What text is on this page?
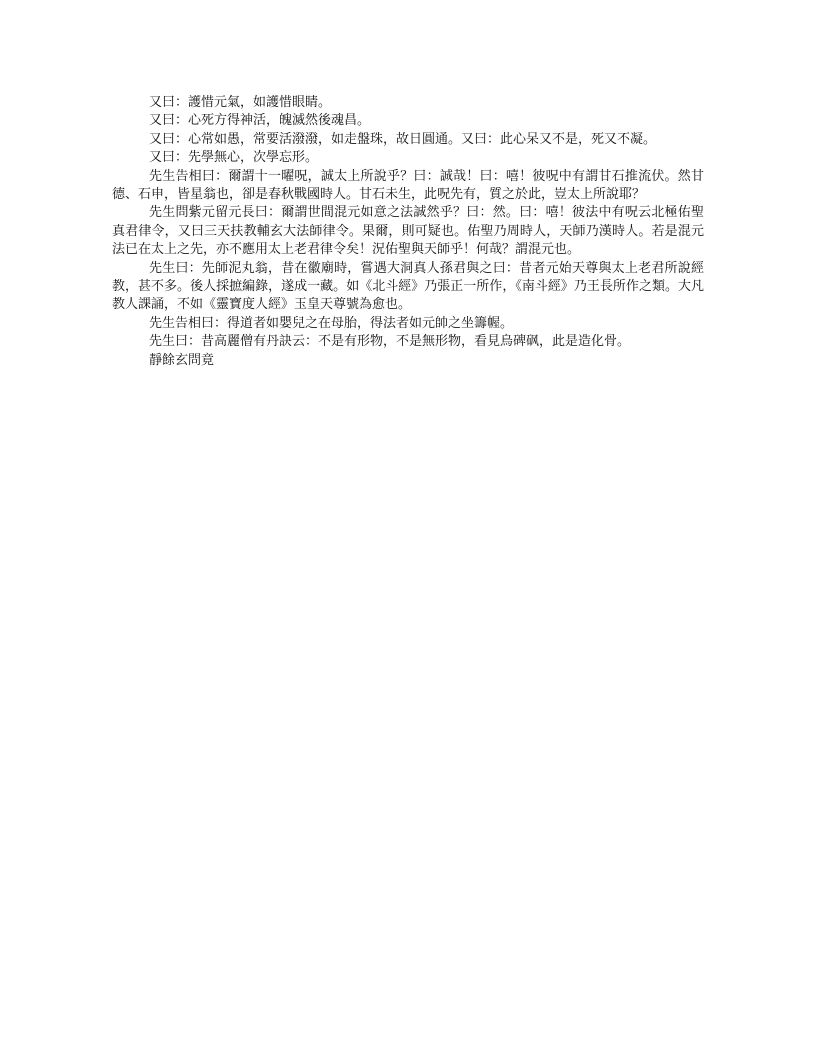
又曰：護惜元氣，如護惜眼睛。

又曰：心死方得神活，魄滅然後魂昌。

又曰：心常如愚，常要活潑潑，如走盤珠，故日圓通。又曰：此心呆又不是，死又不凝。

又曰：先學無心，次學忘形。

先生告相曰：爾謂十一曜呪，誠太上所說乎？曰：誠哉！曰：嘻！彼呪中有謂甘石推流伏。然甘德、石申，皆星翁也，卻是春秋戰國時人。甘石未生，此呪先有，質之於此，豈太上所說耶？

先生問紫元留元長曰：爾謂世間混元如意之法誠然乎？曰：然。曰：嘻！彼法中有呪云北極佑聖真君律令，又曰三天扶教輔玄大法師律令。果爾，則可疑也。佑聖乃周時人，天師乃漢時人。若是混元法已在太上之先，亦不應用太上老君律令矣！況佑聖與天師乎！何哉？謂混元也。

先生曰：先師泥丸翁，昔在徽廟時，嘗遇大洞真人孫君與之曰：昔者元始天尊與太上老君所說經教，甚不多。後人採摭編錄，遂成一藏。如《北斗經》乃張正一所作，《南斗經》乃王長所作之類。大凡教人課誦，不如《靈寶度人經》玉皇天尊號為愈也。

先生告相曰：得道者如嬰兒之在母胎，得法者如元帥之坐籌幄。

先生曰：昔高麗僧有丹訣云：不是有形物，不是無形物，看見烏碑砜，此是造化骨。

靜餘玄問竟
